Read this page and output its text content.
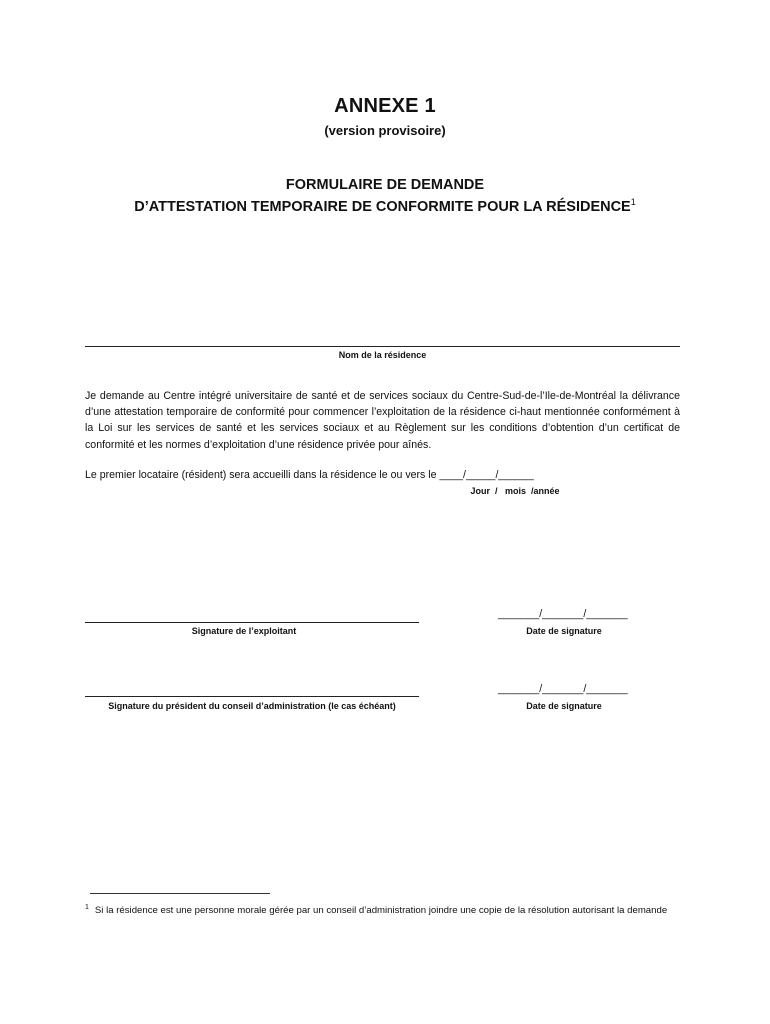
ANNEXE 1
(version provisoire)
FORMULAIRE DE DEMANDE
D’ATTESTATION TEMPORAIRE DE CONFORMITE POUR LA RÉSIDENCE$^1$
Nom de la résidence

Je demande au Centre intégré universitaire de santé et de services sociaux du Centre-Sud-de-l’Ile-de-Montréal la délivrance d’une attestation temporaire de conformité pour commencer l’exploitation de la résidence ci-haut mentionnée conformément à la Loi sur les services de santé et les services sociaux et au Règlement sur les conditions d’obtention d’un certificat de conformité et les normes d’exploitation d’une résidence privée pour aînés.

Le premier locataire (résident) sera accueilli dans la résidence le ou vers le ____/_____/______
Jour  /   mois  /année
Signature de l’exploitant
_______/_______/_______
Date de signature
Signature du président du conseil d’administration (le cas échéant)
_______/_______/_______
Date de signature
$^1$ Si la résidence est une personne morale gérée par un conseil d’administration joindre une copie de la résolution autorisant la demande
